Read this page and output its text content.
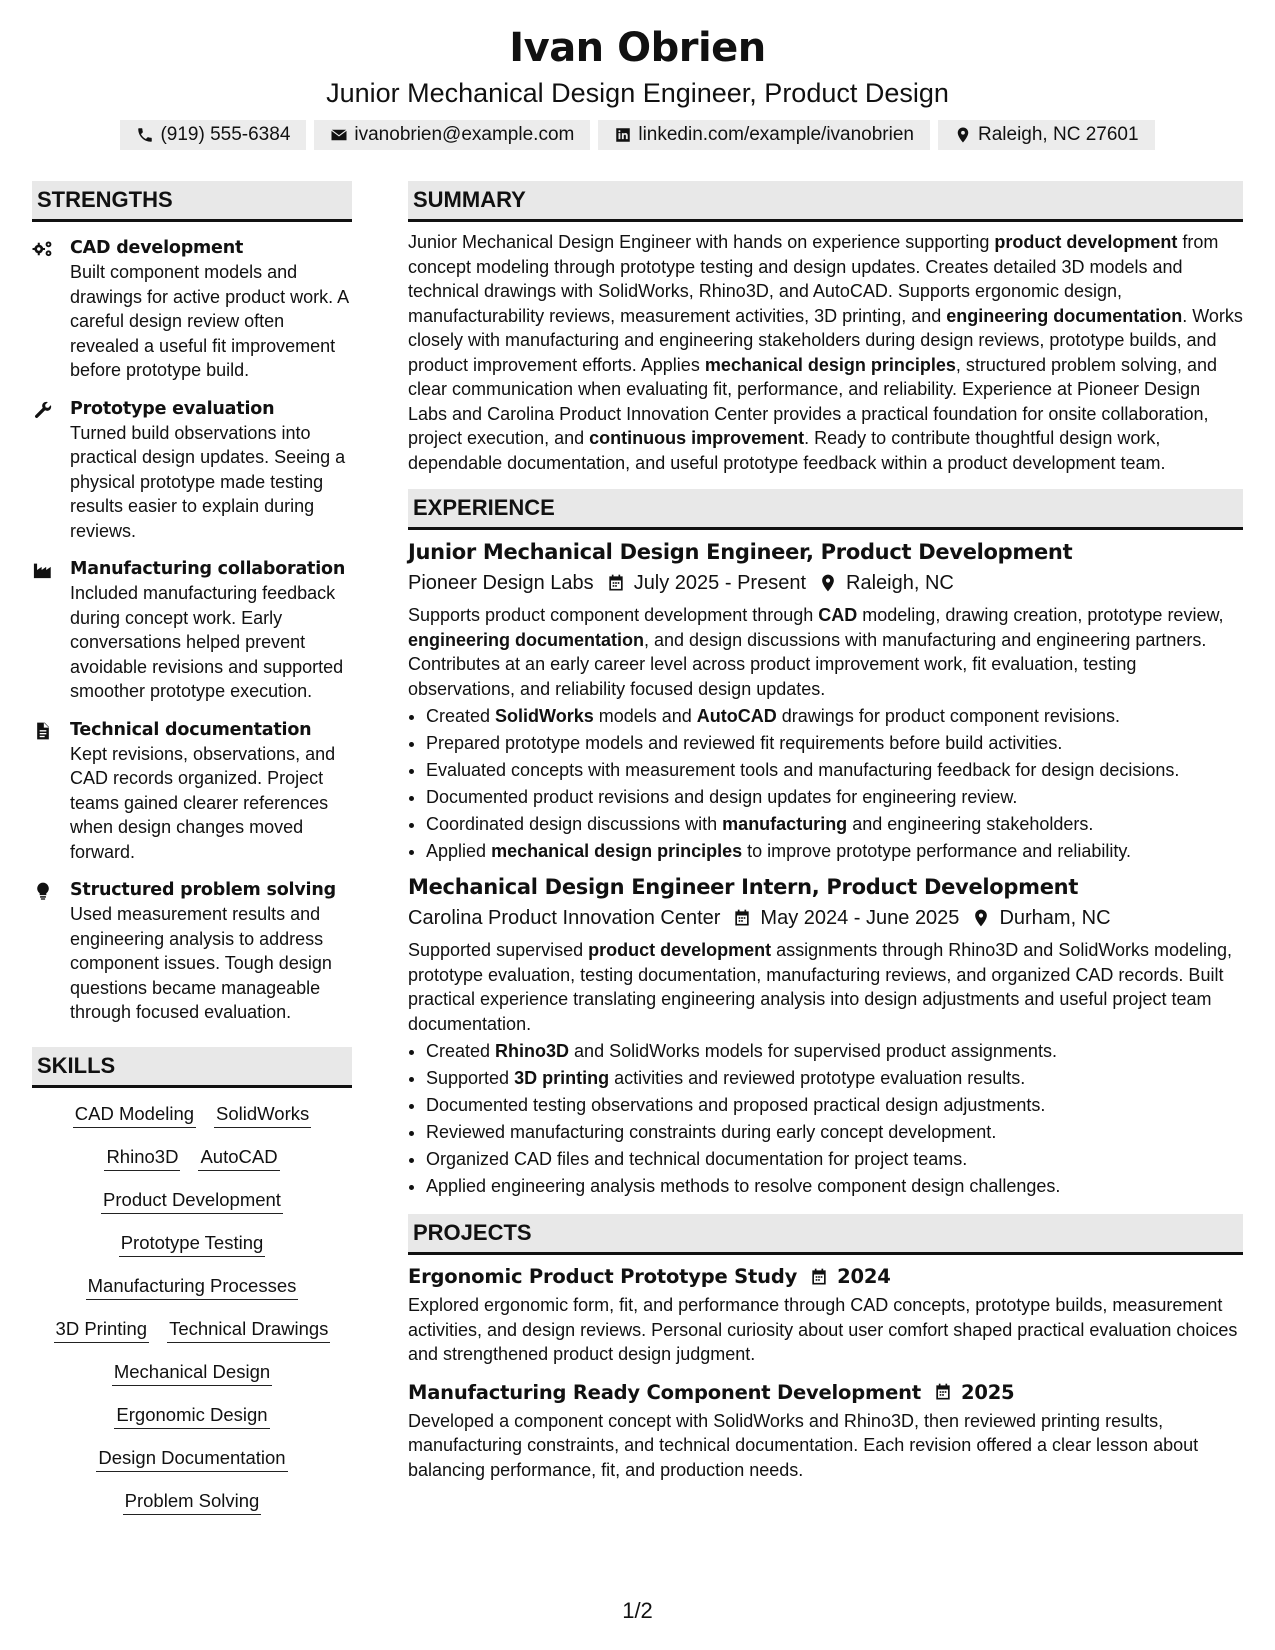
Ivan Obrien
Junior Mechanical Design Engineer, Product Design
(919) 555-6384	ivanobrien@example.com	linkedin.com/example/ivanobrien	Raleigh, NC 27601
STRENGTHS
CAD development
Built component models and drawings for active product work. A careful design review often revealed a useful fit improvement before prototype build.
Prototype evaluation
Turned build observations into practical design updates. Seeing a physical prototype made testing results easier to explain during reviews.
Manufacturing collaboration
Included manufacturing feedback during concept work. Early conversations helped prevent avoidable revisions and supported smoother prototype execution.
Technical documentation
Kept revisions, observations, and CAD records organized. Project teams gained clearer references when design changes moved forward.
Structured problem solving
Used measurement results and engineering analysis to address component issues. Tough design questions became manageable through focused evaluation.
SKILLS
CAD Modeling SolidWorks
Rhino3D AutoCAD
Product Development
Prototype Testing
Manufacturing Processes
3D Printing Technical Drawings
Mechanical Design
Ergonomic Design
Design Documentation
Problem Solving
SUMMARY
Junior Mechanical Design Engineer with hands on experience supporting product development from concept modeling through prototype testing and design updates. Creates detailed 3D models and technical drawings with SolidWorks, Rhino3D, and AutoCAD. Supports ergonomic design, manufacturability reviews, measurement activities, 3D printing, and engineering documentation. Works closely with manufacturing and engineering stakeholders during design reviews, prototype builds, and product improvement efforts. Applies mechanical design principles, structured problem solving, and clear communication when evaluating fit, performance, and reliability. Experience at Pioneer Design Labs and Carolina Product Innovation Center provides a practical foundation for onsite collaboration, project execution, and continuous improvement. Ready to contribute thoughtful design work, dependable documentation, and useful prototype feedback within a product development team.
EXPERIENCE
Junior Mechanical Design Engineer, Product Development
Pioneer Design Labs July 2025 - Present Raleigh, NC
Supports product component development through CAD modeling, drawing creation, prototype review, engineering documentation, and design discussions with manufacturing and engineering partners. Contributes at an early career level across product improvement work, fit evaluation, testing observations, and reliability focused design updates.
• Created SolidWorks models and AutoCAD drawings for product component revisions.
• Prepared prototype models and reviewed fit requirements before build activities.
• Evaluated concepts with measurement tools and manufacturing feedback for design decisions.
• Documented product revisions and design updates for engineering review.
• Coordinated design discussions with manufacturing and engineering stakeholders.
• Applied mechanical design principles to improve prototype performance and reliability.
Mechanical Design Engineer Intern, Product Development
Carolina Product Innovation Center May 2024 - June 2025 Durham, NC
Supported supervised product development assignments through Rhino3D and SolidWorks modeling, prototype evaluation, testing documentation, manufacturing reviews, and organized CAD records. Built practical experience translating engineering analysis into design adjustments and useful project team documentation.
• Created Rhino3D and SolidWorks models for supervised product assignments.
• Supported 3D printing activities and reviewed prototype evaluation results.
• Documented testing observations and proposed practical design adjustments.
• Reviewed manufacturing constraints during early concept development.
• Organized CAD files and technical documentation for project teams.
• Applied engineering analysis methods to resolve component design challenges.
PROJECTS
Ergonomic Product Prototype Study 2024
Explored ergonomic form, fit, and performance through CAD concepts, prototype builds, measurement activities, and design reviews. Personal curiosity about user comfort shaped practical evaluation choices and strengthened product design judgment.
Manufacturing Ready Component Development 2025
Developed a component concept with SolidWorks and Rhino3D, then reviewed printing results, manufacturing constraints, and technical documentation. Each revision offered a clear lesson about balancing performance, fit, and production needs.
1/2
